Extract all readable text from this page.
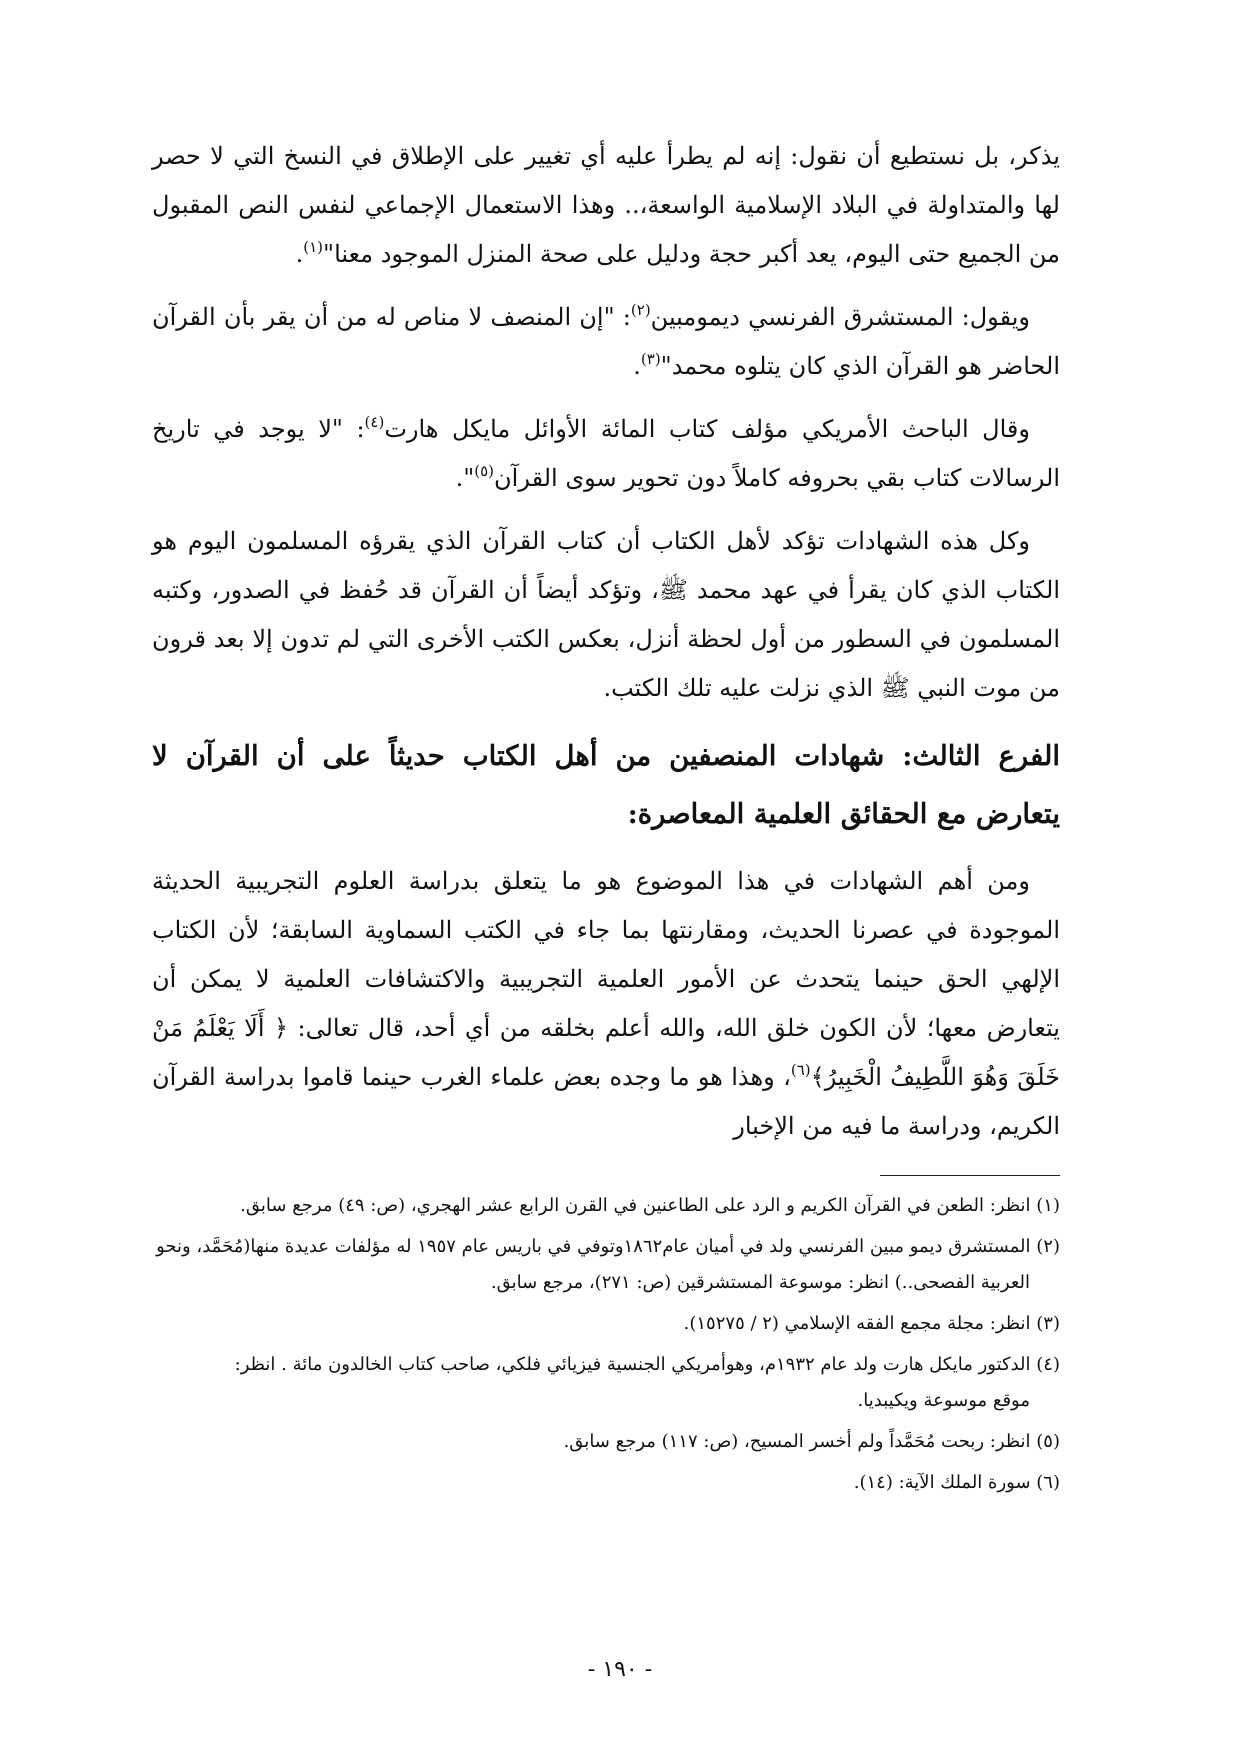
يذكر، بل نستطيع أن نقول: إنه لم يطرأ عليه أي تغيير على الإطلاق في النسخ التي لا حصر لها والمتداولة في البلاد الإسلامية الواسعة،.. وهذا الاستعمال الإجماعي لنفس النص المقبول من الجميع حتى اليوم، يعد أكبر حجة ودليل على صحة المنزل الموجود معنا"$^{(١)}$.

ويقول: المستشرق الفرنسي ديمومبين$^{(٢)}$: "إن المنصف لا مناص له من أن يقر بأن القرآن الحاضر هو القرآن الذي كان يتلوه محمد"$^{(٣)}$.

وقال الباحث الأمريكي مؤلف كتاب المائة الأوائل مايكل هارت$^{(٤)}$: "لا يوجد في تاريخ الرسالات كتاب بقي بحروفه كاملاً دون تحوير سوى القرآن$^{(٥)}$".

وكل هذه الشهادات تؤكد لأهل الكتاب أن كتاب القرآن الذي يقرؤه المسلمون اليوم هو الكتاب الذي كان يقرأ في عهد محمد ﷺ، وتؤكد أيضاً أن القرآن قد حُفظ في الصدور، وكتبه المسلمون في السطور من أول لحظة أنزل، بعكس الكتب الأخرى التي لم تدون إلا بعد قرون من موت النبي ﷺ الذي نزلت عليه تلك الكتب.

الفرع الثالث: شهادات المنصفين من أهل الكتاب حديثاً على أن القرآن لا يتعارض مع الحقائق العلمية المعاصرة:

ومن أهم الشهادات في هذا الموضوع هو ما يتعلق بدراسة العلوم التجريبية الحديثة الموجودة في عصرنا الحديث، ومقارنتها بما جاء في الكتب السماوية السابقة؛ لأن الكتاب الإلهي الحق حينما يتحدث عن الأمور العلمية التجريبية والاكتشافات العلمية لا يمكن أن يتعارض معها؛ لأن الكون خلق الله، والله أعلم بخلقه من أي أحد، قال تعالى: ﴿ أَلَا يَعْلَمُ مَنْ خَلَقَ وَهُوَ اللَّطِيفُ الْخَبِيرُ﴾$^{(٦)}$، وهذا هو ما وجده بعض علماء الغرب حينما قاموا بدراسة القرآن الكريم، ودراسة ما فيه من الإخبار

(١) انظر: الطعن في القرآن الكريم و الرد على الطاعنين في القرن الرابع عشر الهجري، (ص: ٤٩) مرجع سابق.
(٢) المستشرق ديمو مبين الفرنسي ولد في أميان عام١٨٦٢وتوفي في باريس عام ١٩٥٧ له مؤلفات عديدة منها(مُحَمَّد، ونحو
العربية الفصحى..) انظر: موسوعة المستشرقين (ص: ٢٧١)، مرجع سابق.
(٣) انظر: مجلة مجمع الفقه الإسلامي (٢ / ١٥٢٧٥).
(٤) الدكتور مايكل هارت ولد عام ١٩٣٢م، وهوأمريكي الجنسية فيزيائي فلكي، صاحب كتاب الخالدون مائة . انظر:
موقع موسوعة ويكيبديا.
(٥) انظر: ربحت مُحَمَّداً ولم أخسر المسيح، (ص: ١١٧) مرجع سابق.
(٦) سورة الملك الآية: (١٤).
- ١٩٠ -
